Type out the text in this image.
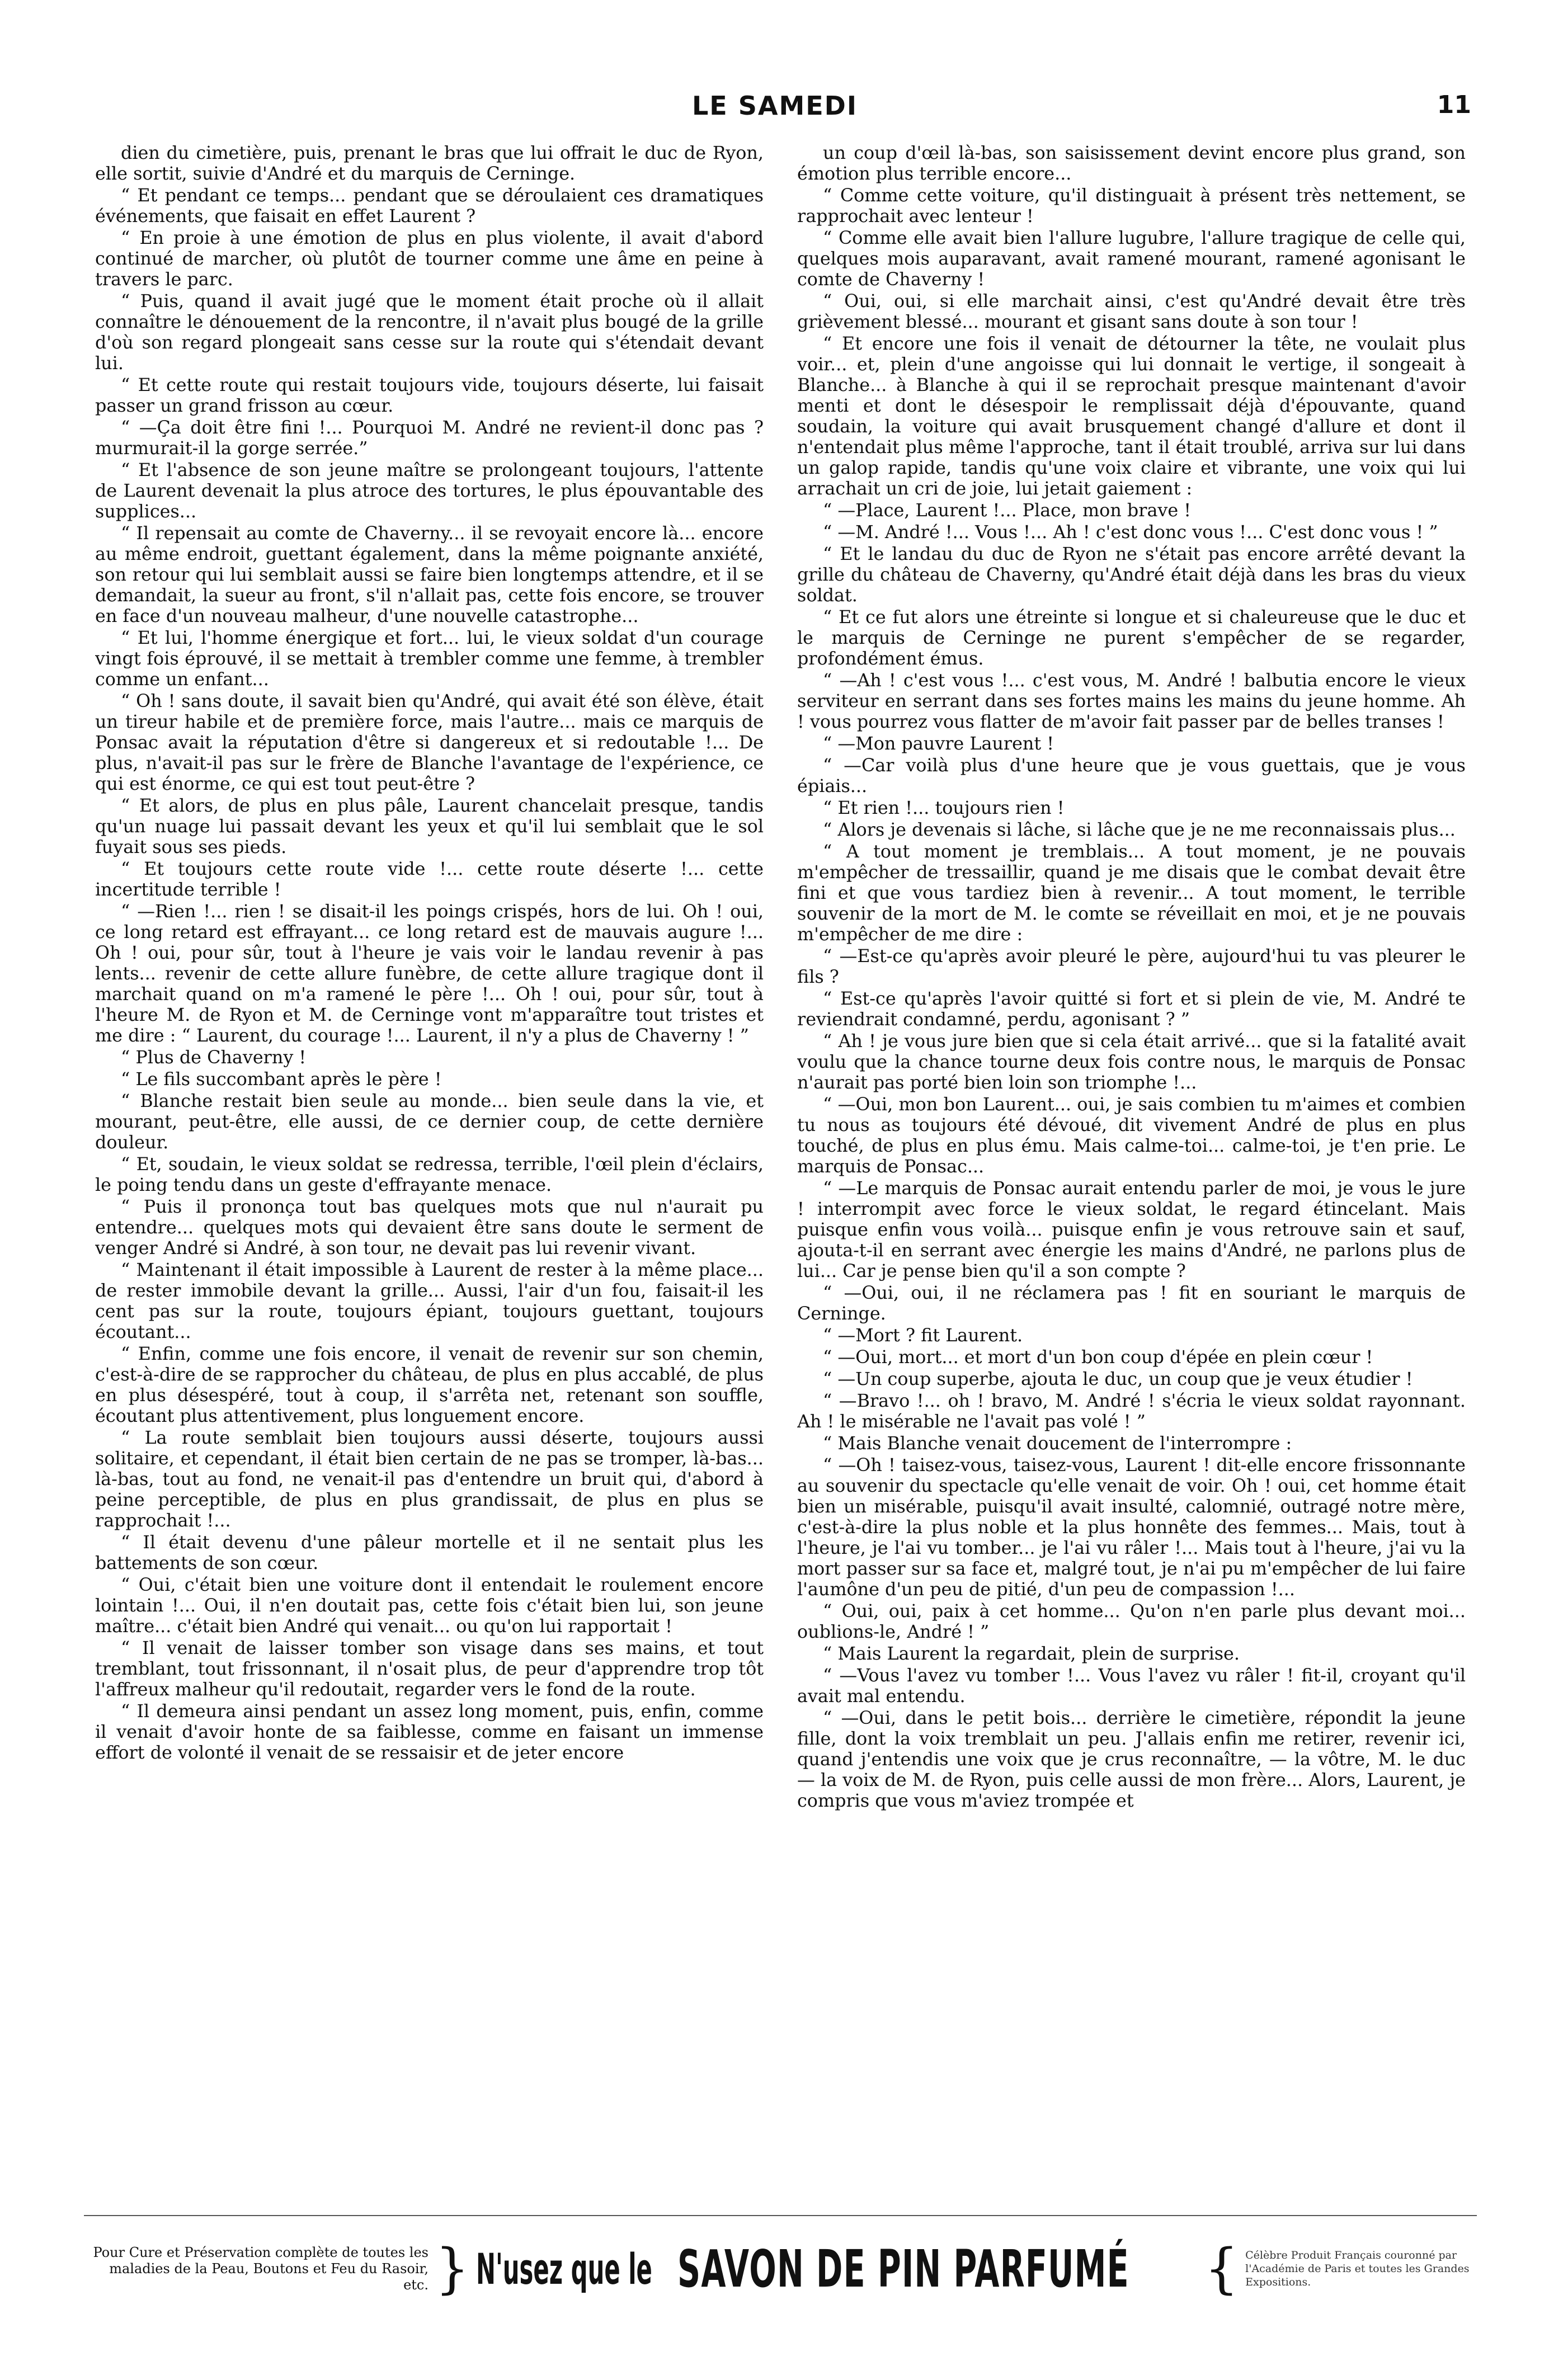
LE SAMEDI	11

dien du cimetière, puis, prenant le bras que lui offrait le duc de Ryon, elle sortit, suivie d'André et du marquis de Cerninge.

“ Et pendant ce temps... pendant que se déroulaient ces dramatiques événements, que faisait en effet Laurent ?

“ En proie à une émotion de plus en plus violente, il avait d'abord continué de marcher, où plutôt de tourner comme une âme en peine à travers le parc.

“ Puis, quand il avait jugé que le moment était proche où il allait connaître le dénouement de la rencontre, il n'avait plus bougé de la grille d'où son regard plongeait sans cesse sur la route qui s'étendait devant lui.

“ Et cette route qui restait toujours vide, toujours déserte, lui faisait passer un grand frisson au cœur.

“ —Ça doit être fini !... Pourquoi M. André ne revient-il donc pas ? murmurait-il la gorge serrée.”

“ Et l'absence de son jeune maître se prolongeant toujours, l'attente de Laurent devenait la plus atroce des tortures, le plus épouvantable des supplices...

“ Il repensait au comte de Chaverny... il se revoyait encore là... encore au même endroit, guettant également, dans la même poignante anxiété, son retour qui lui semblait aussi se faire bien longtemps attendre, et il se demandait, la sueur au front, s'il n'allait pas, cette fois encore, se trouver en face d'un nouveau malheur, d'une nouvelle catastrophe...

“ Et lui, l'homme énergique et fort... lui, le vieux soldat d'un courage vingt fois éprouvé, il se mettait à trembler comme une femme, à trembler comme un enfant...

“ Oh ! sans doute, il savait bien qu'André, qui avait été son élève, était un tireur habile et de première force, mais l'autre... mais ce marquis de Ponsac avait la réputation d'être si dangereux et si redoutable !... De plus, n'avait-il pas sur le frère de Blanche l'avantage de l'expérience, ce qui est énorme, ce qui est tout peut-être ?

“ Et alors, de plus en plus pâle, Laurent chancelait presque, tandis qu'un nuage lui passait devant les yeux et qu'il lui semblait que le sol fuyait sous ses pieds.

“ Et toujours cette route vide !... cette route déserte !... cette incertitude terrible !

“ —Rien !... rien ! se disait-il les poings crispés, hors de lui. Oh ! oui, ce long retard est effrayant... ce long retard est de mauvais augure !... Oh ! oui, pour sûr, tout à l'heure je vais voir le landau revenir à pas lents... revenir de cette allure funèbre, de cette allure tragique dont il marchait quand on m'a ramené le père !... Oh ! oui, pour sûr, tout à l'heure M. de Ryon et M. de Cerninge vont m'apparaître tout tristes et me dire : “ Laurent, du courage !... Laurent, il n'y a plus de Chaverny ! ”

“ Plus de Chaverny !

“ Le fils succombant après le père !

“ Blanche restait bien seule au monde... bien seule dans la vie, et mourant, peut-être, elle aussi, de ce dernier coup, de cette dernière douleur.

“ Et, soudain, le vieux soldat se redressa, terrible, l'œil plein d'éclairs, le poing tendu dans un geste d'effrayante menace.

“ Puis il prononça tout bas quelques mots que nul n'aurait pu entendre... quelques mots qui devaient être sans doute le serment de venger André si André, à son tour, ne devait pas lui revenir vivant.

“ Maintenant il était impossible à Laurent de rester à la même place... de rester immobile devant la grille... Aussi, l'air d'un fou, faisait-il les cent pas sur la route, toujours épiant, toujours guettant, toujours écoutant...

“ Enfin, comme une fois encore, il venait de revenir sur son chemin, c'est-à-dire de se rapprocher du château, de plus en plus accablé, de plus en plus désespéré, tout à coup, il s'arrêta net, retenant son souffle, écoutant plus attentivement, plus longuement encore.

“ La route semblait bien toujours aussi déserte, toujours aussi solitaire, et cependant, il était bien certain de ne pas se tromper, là-bas... là-bas, tout au fond, ne venait-il pas d'entendre un bruit qui, d'abord à peine perceptible, de plus en plus grandissait, de plus en plus se rapprochait !...

“ Il était devenu d'une pâleur mortelle et il ne sentait plus les battements de son cœur.

“ Oui, c'était bien une voiture dont il entendait le roulement encore lointain !... Oui, il n'en doutait pas, cette fois c'était bien lui, son jeune maître... c'était bien André qui venait... ou qu'on lui rapportait !

“ Il venait de laisser tomber son visage dans ses mains, et tout tremblant, tout frissonnant, il n'osait plus, de peur d'apprendre trop tôt l'affreux malheur qu'il redoutait, regarder vers le fond de la route.

“ Il demeura ainsi pendant un assez long moment, puis, enfin, comme il venait d'avoir honte de sa faiblesse, comme en faisant un immense effort de volonté il venait de se ressaisir et de jeter encore

un coup d'œil là-bas, son saisissement devint encore plus grand, son émotion plus terrible encore...

“ Comme cette voiture, qu'il distinguait à présent très nettement, se rapprochait avec lenteur !

“ Comme elle avait bien l'allure lugubre, l'allure tragique de celle qui, quelques mois auparavant, avait ramené mourant, ramené agonisant le comte de Chaverny !

“ Oui, oui, si elle marchait ainsi, c'est qu'André devait être très grièvement blessé... mourant et gisant sans doute à son tour !

“ Et encore une fois il venait de détourner la tête, ne voulait plus voir... et, plein d'une angoisse qui lui donnait le vertige, il songeait à Blanche... à Blanche à qui il se reprochait presque maintenant d'avoir menti et dont le désespoir le remplissait déjà d'épouvante, quand soudain, la voiture qui avait brusquement changé d'allure et dont il n'entendait plus même l'approche, tant il était troublé, arriva sur lui dans un galop rapide, tandis qu'une voix claire et vibrante, une voix qui lui arrachait un cri de joie, lui jetait gaiement :

“ —Place, Laurent !... Place, mon brave !

“ —M. André !... Vous !... Ah ! c'est donc vous !... C'est donc vous ! ”

“ Et le landau du duc de Ryon ne s'était pas encore arrêté devant la grille du château de Chaverny, qu'André était déjà dans les bras du vieux soldat.

“ Et ce fut alors une étreinte si longue et si chaleureuse que le duc et le marquis de Cerninge ne purent s'empêcher de se regarder, profondément émus.

“ —Ah ! c'est vous !... c'est vous, M. André ! balbutia encore le vieux serviteur en serrant dans ses fortes mains les mains du jeune homme. Ah ! vous pourrez vous flatter de m'avoir fait passer par de belles transes !

“ —Mon pauvre Laurent !

“ —Car voilà plus d'une heure que je vous guettais, que je vous épiais...

“ Et rien !... toujours rien !

“ Alors je devenais si lâche, si lâche que je ne me reconnaissais plus...

“ A tout moment je tremblais... A tout moment, je ne pouvais m'empêcher de tressaillir, quand je me disais que le combat devait être fini et que vous tardiez bien à revenir... A tout moment, le terrible souvenir de la mort de M. le comte se réveillait en moi, et je ne pouvais m'empêcher de me dire :

“ —Est-ce qu'après avoir pleuré le père, aujourd'hui tu vas pleurer le fils ?

“ Est-ce qu'après l'avoir quitté si fort et si plein de vie, M. André te reviendrait condamné, perdu, agonisant ? ”

“ Ah ! je vous jure bien que si cela était arrivé... que si la fatalité avait voulu que la chance tourne deux fois contre nous, le marquis de Ponsac n'aurait pas porté bien loin son triomphe !...

“ —Oui, mon bon Laurent... oui, je sais combien tu m'aimes et combien tu nous as toujours été dévoué, dit vivement André de plus en plus touché, de plus en plus ému. Mais calme-toi... calme-toi, je t'en prie. Le marquis de Ponsac...

“ —Le marquis de Ponsac aurait entendu parler de moi, je vous le jure ! interrompit avec force le vieux soldat, le regard étincelant. Mais puisque enfin vous voilà... puisque enfin je vous retrouve sain et sauf, ajouta-t-il en serrant avec énergie les mains d'André, ne parlons plus de lui... Car je pense bien qu'il a son compte ?

“ —Oui, oui, il ne réclamera pas ! fit en souriant le marquis de Cerninge.

“ —Mort ? fit Laurent.

“ —Oui, mort... et mort d'un bon coup d'épée en plein cœur !

“ —Un coup superbe, ajouta le duc, un coup que je veux étudier !

“ —Bravo !... oh ! bravo, M. André ! s'écria le vieux soldat rayonnant. Ah ! le misérable ne l'avait pas volé ! ”

“ Mais Blanche venait doucement de l'interrompre :

“ —Oh ! taisez-vous, taisez-vous, Laurent ! dit-elle encore frissonnante au souvenir du spectacle qu'elle venait de voir. Oh ! oui, cet homme était bien un misérable, puisqu'il avait insulté, calomnié, outragé notre mère, c'est-à-dire la plus noble et la plus honnête des femmes... Mais, tout à l'heure, je l'ai vu tomber... je l'ai vu râler !... Mais tout à l'heure, j'ai vu la mort passer sur sa face et, malgré tout, je n'ai pu m'empêcher de lui faire l'aumône d'un peu de pitié, d'un peu de compassion !...

“ Oui, oui, paix à cet homme... Qu'on n'en parle plus devant moi... oublions-le, André ! ”

“ Mais Laurent la regardait, plein de surprise.

“ —Vous l'avez vu tomber !... Vous l'avez vu râler ! fit-il, croyant qu'il avait mal entendu.

“ —Oui, dans le petit bois... derrière le cimetière, répondit la jeune fille, dont la voix tremblait un peu. J'allais enfin me retirer, revenir ici, quand j'entendis une voix que je crus reconnaître, — la vôtre, M. le duc — la voix de M. de Ryon, puis celle aussi de mon frère... Alors, Laurent, je compris que vous m'aviez trompée et

Pour Cure et Préservation complète de toutes les maladies de la Peau, Boutons et Feu du Rasoir, etc. } N'usez que le SAVON DE PIN PARFUMÉ { Célèbre Produit Français couronné par l'Académie de Paris et toutes les Grandes Expositions.
